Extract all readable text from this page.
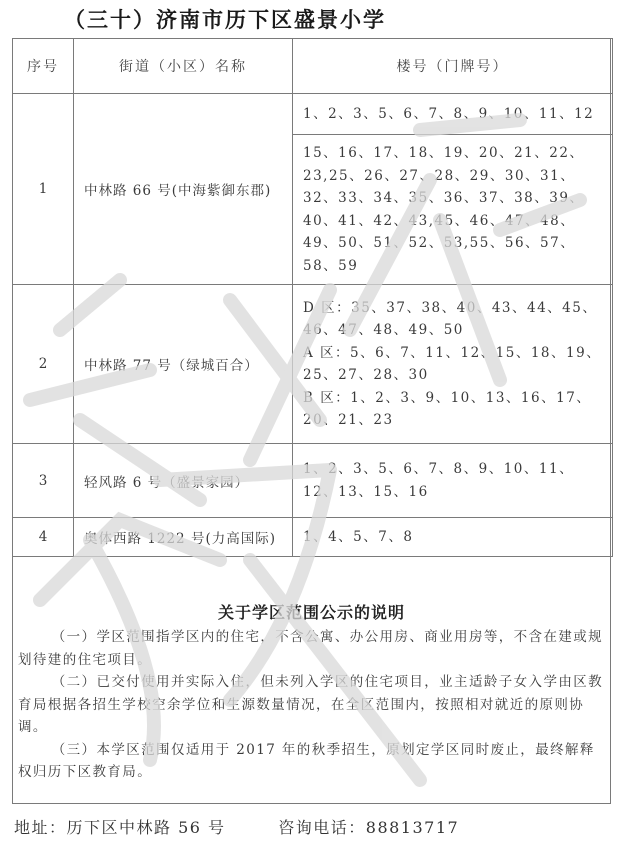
（三十）济南市历下区盛景小学
序号	街道（小区）名称	楼号（门牌号）
1	中林路 66 号(中海紫御东郡)	1、2、3、5、6、7、8、9、10、11、12
		15、16、17、18、19、20、21、22、23,25、26、27、28、29、30、31、32、33、34、35、36、37、38、39、40、41、42、43,45、46、47、48、49、50、51、52、53,55、56、57、58、59
2	中林路 77 号（绿城百合）	D 区：35、37、38、40、43、44、45、46、47、48、49、50
A 区：5、6、7、11、12、15、18、19、25、27、28、30
B 区：1、2、3、9、10、13、16、17、20、21、23

3	轻风路 6 号（盛景家园）	1、2、3、5、6、7、8、9、10、11、12、13、15、16
4	奥体西路 1222 号(力高国际)	1、4、5、7、8
关于学区范围公示的说明

（一）学区范围指学区内的住宅，不含公寓、办公用房、商业用房等，不含在建或规划待建的住宅项目。

（二）已交付使用并实际入住，但未列入学区的住宅项目，业主适龄子女入学由区教育局根据各招生学校空余学位和生源数量情况，在全区范围内，按照相对就近的原则协调。

（三）本学区范围仅适用于 2017 年的秋季招生，原划定学区同时废止，最终解释权归历下区教育局。

地址：历下区中林路 56 号	咨询电话：88813717
